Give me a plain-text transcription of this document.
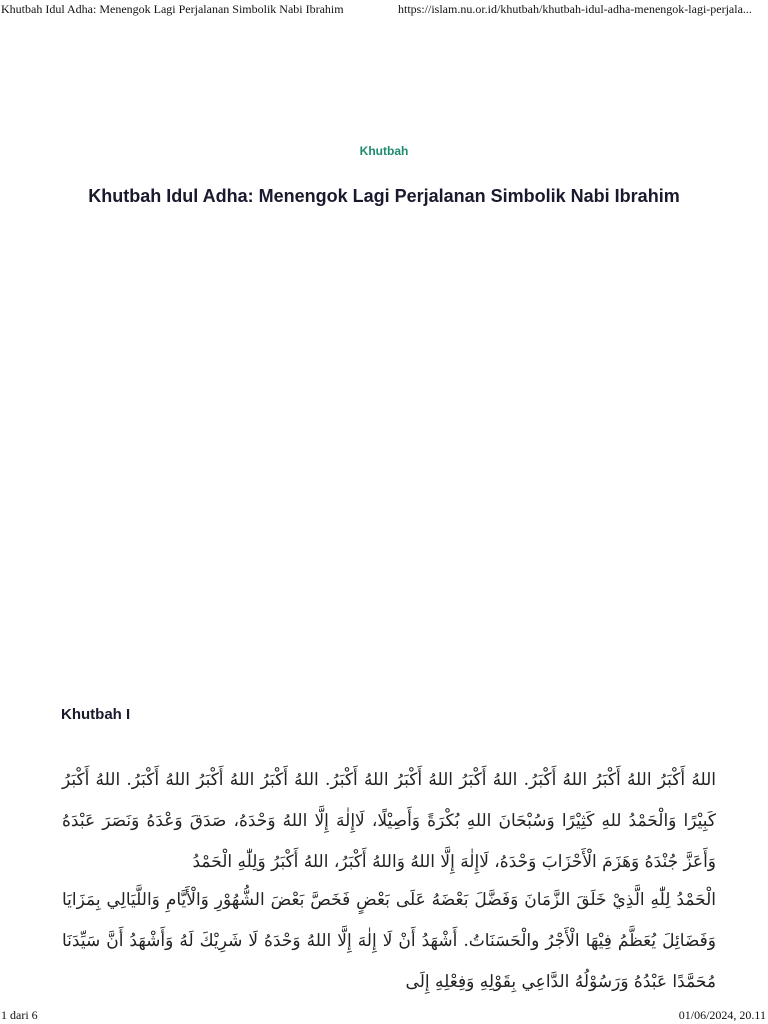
Khutbah Idul Adha: Menengok Lagi Perjalanan Simbolik Nabi Ibrahim	https://islam.nu.or.id/khutbah/khutbah-idul-adha-menengok-lagi-perjala...
Khutbah
Khutbah Idul Adha: Menengok Lagi Perjalanan Simbolik Nabi Ibrahim
Khutbah I

اللهُ أَكْبَرُ اللهُ أَكْبَرُ اللهُ أَكْبَرُ. اللهُ أَكْبَرُ اللهُ أَكْبَرُ اللهُ أَكْبَرُ. اللهُ أَكْبَرُ اللهُ أَكْبَرُ اللهُ أَكْبَرُ. اللهُ أَكْبَرُ كَبِيْرًا وَالْحَمْدُ للهِ كَثِيْرًا وَسُبْحَانَ اللهِ بُكْرَةً وَأَصِيْلًا، لَاإِلٰهَ إِلَّا اللهُ وَحْدَهُ، صَدَقَ وَعْدَهُ وَنَصَرَ عَبْدَهُ وَأَعَزَّ جُنْدَهُ وَهَزَمَ الْأَحْزَابَ وَحْدَهُ، لَاإِلٰهَ إِلَّا اللهُ وَاللهُ أَكْبَرُ، اللهُ أَكْبَرُ وَلِلّٰهِ الْحَمْدُ

الْحَمْدُ لِلّٰهِ الَّذِيْ خَلَقَ الزَّمَانَ وَفَضَّلَ بَعْضَهُ عَلَى بَعْضٍ فَخَصَّ بَعْضَ الشُّهُوْرِ وَالْأَيَّامِ وَاللَّيَالِي بِمَزَايَا وَفَضَائِلَ يُعَظَّمُ فِيْهَا الْأَجْرُ والْحَسَنَاتُ. أَشْهَدُ أَنْ لَا إِلٰهَ إِلَّا اللهُ وَحْدَهُ لَا شَرِيْكَ لَهُ وَأَشْهَدُ أَنَّ سَيِّدَنَا مُحَمَّدًا عَبْدُهُ وَرَسُوْلُهُ الدَّاعِي بِقَوْلِهِ وَفِعْلِهِ إِلَى

1 dari 6	01/06/2024, 20.11
